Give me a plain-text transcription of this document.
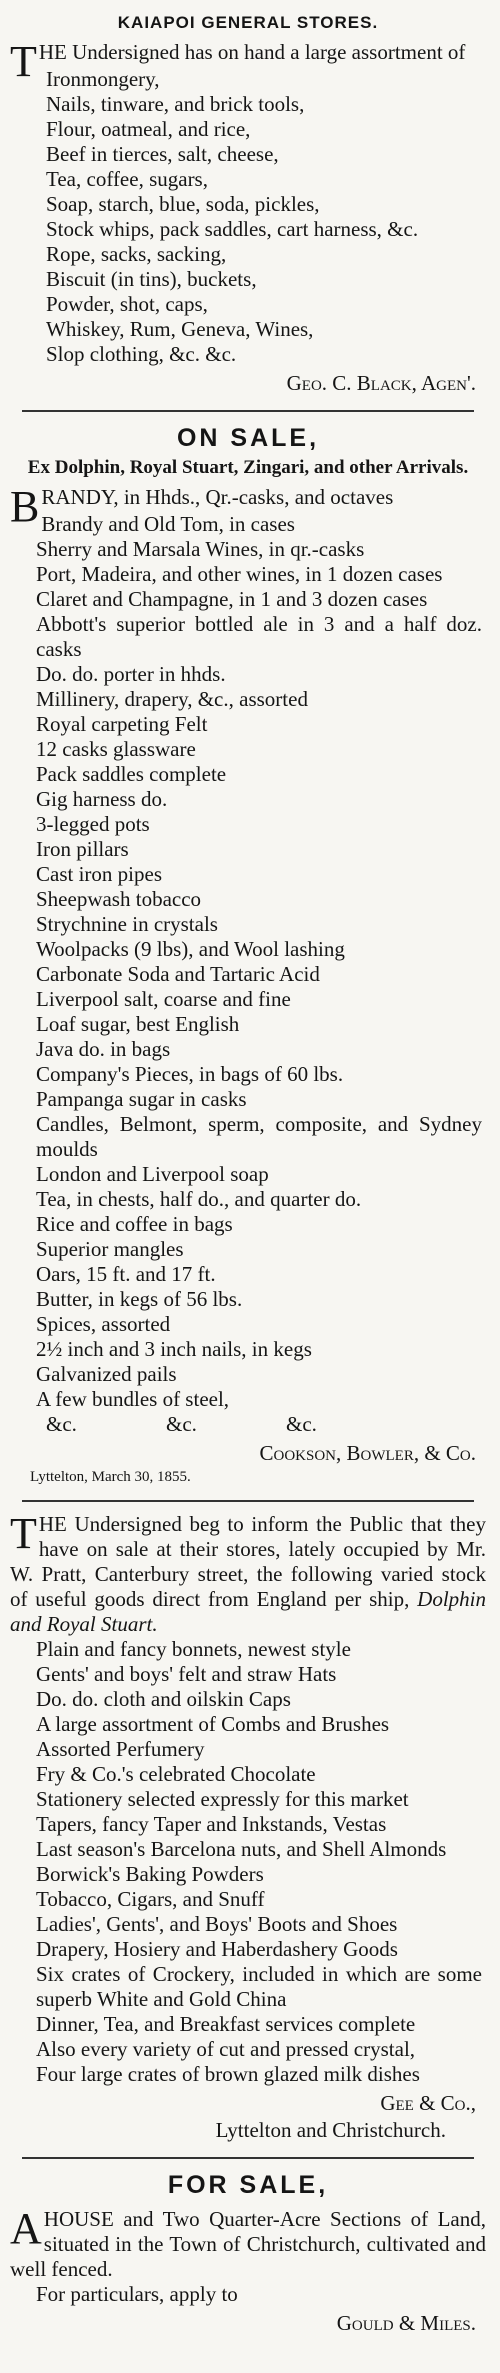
KAIAPOI GENERAL STORES.

THE Undersigned has on hand a large assortment of

Ironmongery,
Nails, tinware, and brick tools,
Flour, oatmeal, and rice,
Beef in tierces, salt, cheese,
Tea, coffee, sugars,
Soap, starch, blue, soda, pickles,
Stock whips, pack saddles, cart harness, &c.
Rope, sacks, sacking,
Biscuit (in tins), buckets,
Powder, shot, caps,
Whiskey, Rum, Geneva, Wines,
Slop clothing, &c. &c.
Geo. C. Black, Agen'.
ON SALE,
Ex Dolphin, Royal Stuart, Zingari, and other Arrivals.

BRANDY, in Hhds., Qr.-casks, and octaves

Brandy and Old Tom, in cases
Sherry and Marsala Wines, in qr.-casks
Port, Madeira, and other wines, in 1 dozen cases
Claret and Champagne, in 1 and 3 dozen cases
Abbott's superior bottled ale in 3 and a half doz. casks
Do. do. porter in hhds.
Millinery, drapery, &c., assorted
Royal carpeting Felt
12 casks glassware
Pack saddles complete
Gig harness do.
3-legged pots
Iron pillars
Cast iron pipes
Sheepwash tobacco
Strychnine in crystals
Woolpacks (9 lbs), and Wool lashing
Carbonate Soda and Tartaric Acid
Liverpool salt, coarse and fine
Loaf sugar, best English
Java do. in bags
Company's Pieces, in bags of 60 lbs.
Pampanga sugar in casks
Candles, Belmont, sperm, composite, and Sydney moulds
London and Liverpool soap
Tea, in chests, half do., and quarter do.
Rice and coffee in bags
Superior mangles
Oars, 15 ft. and 17 ft.
Butter, in kegs of 56 lbs.
Spices, assorted
2½ inch and 3 inch nails, in kegs
Galvanized pails
A few bundles of steel,
&c.	&c.	&c.
Cookson, Bowler, & Co.
Lyttelton, March 30, 1855.

THE Undersigned beg to inform the Public that they have on sale at their stores, lately occupied by Mr. W. Pratt, Canterbury street, the following varied stock of useful goods direct from England per ship, Dolphin and Royal Stuart.

Plain and fancy bonnets, newest style
Gents' and boys' felt and straw Hats
Do. do. cloth and oilskin Caps
A large assortment of Combs and Brushes
Assorted Perfumery
Fry & Co.'s celebrated Chocolate
Stationery selected expressly for this market
Tapers, fancy Taper and Inkstands, Vestas
Last season's Barcelona nuts, and Shell Almonds
Borwick's Baking Powders
Tobacco, Cigars, and Snuff
Ladies', Gents', and Boys' Boots and Shoes
Drapery, Hosiery and Haberdashery Goods
Six crates of Crockery, included in which are some superb White and Gold China
Dinner, Tea, and Breakfast services complete
Also every variety of cut and pressed crystal,
Four large crates of brown glazed milk dishes
Gee & Co.,
Lyttelton and Christchurch.
FOR SALE,

AHOUSE and Two Quarter-Acre Sections of Land, situated in the Town of Christchurch, cultivated and well fenced.

For particulars, apply to
Gould & Miles.
